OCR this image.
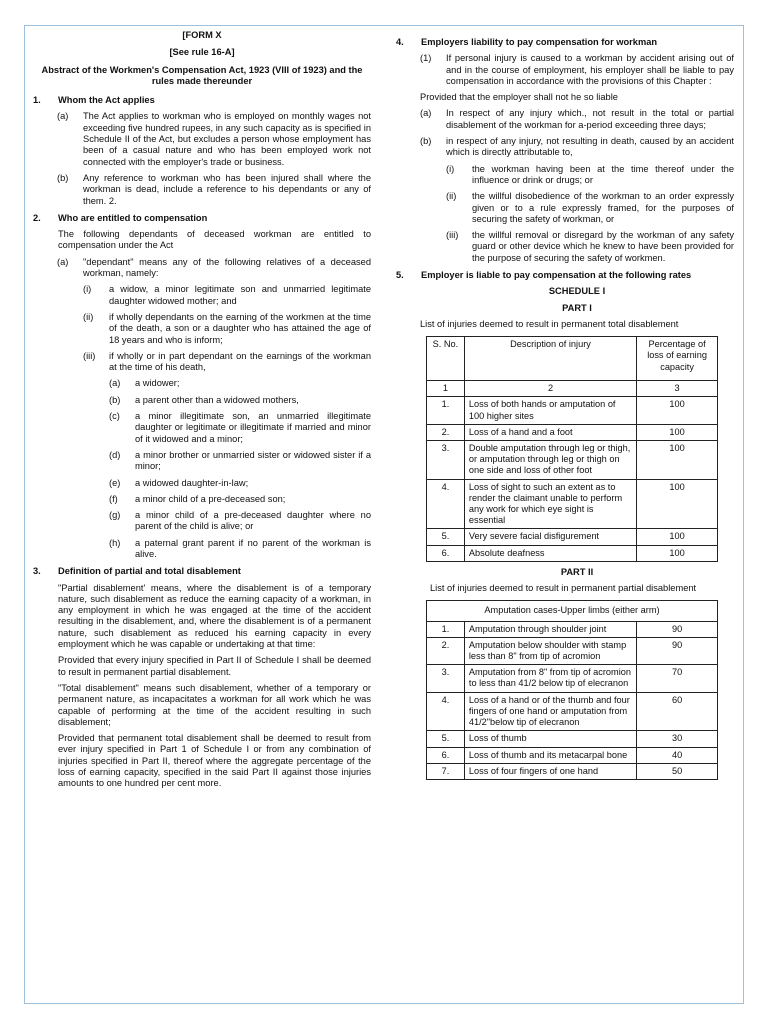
[FORM X
[See rule 16-A]
Abstract of the Workmen's Compensation Act, 1923 (VIII of 1923) and the rules made thereunder
1.	Whom the Act applies
(a)	The Act applies to workman who is employed on monthly wages not exceeding five hundred rupees, in any such capacity as is specified in Schedule II of the Act, but excludes a person whose employment has been of a casual nature and who has been employed work not connected with the employer's trade or business.
(b)	Any reference to workman who has been injured shall where the workman is dead, include a reference to his dependants or any of them. 2.
2.	Who are entitled to compensation
The following dependants of deceased workman are entitled to compensation under the Act
(a)	"dependant" means any of the following relatives of a deceased workman, namely:
(i)	a widow, a minor legitimate son and unmarried legitimate daughter widowed mother; and
(ii)	if wholly dependants on the earning of the workmen at the time of the death, a son or a daughter who has attained the age of 18 years and who is inform;
(iii)	if wholly or in part dependant on the earnings of the workman at the time of his death,
(a)	a widower;
(b)	a parent other than a widowed mothers,
(c)	a minor illegitimate son, an unmarried illegitimate daughter or legitimate or illegitimate if married and minor of it widowed and a minor;
(d)	a minor brother or unmarried sister or widowed sister if a minor;
(e)	a widowed daughter-in-law;
(f)	a minor child of a pre-deceased son;
(g)	a minor child of a pre-deceased daughter where no parent of the child is alive; or
(h)	a paternal grant parent if no parent of the workman is alive.
3.	Definition of partial and total disablement
"Partial disablement' means, where the disablement is of a temporary nature, such disablement as reduce the earning capacity of a workman, in any employment in which he was engaged at the time of the accident resulting in the disablement, and, where the disablement is of a permanent nature, such disablement as reduced his earning capacity in every employment which he was capable or undertaking at that time:
Provided that every injury specified in Part II of Schedule I shall be deemed to result in permanent partial disablement.
"Total disablement" means such disablement, whether of a temporary or permanent nature, as incapacitates a workman for all work which he was capable of performing at the time of the accident resulting in such disablement;
Provided that permanent total disablement shall be deemed to result from ever injury specified in Part 1 of Schedule I or from any combination of injuries specified in Part II, thereof where the aggregate percentage of the loss of earning capacity, specified in the said Part II against those injuries amounts to one hundred per cent more.
4.	Employers liability to pay compensation for workman
(1)	If personal injury is caused to a workman by accident arising out of and in the course of employment, his employer shall be liable to pay compensation in accordance with the provisions of this Chapter :
Provided that the employer shall not he so liable
(a)	In respect of any injury which., not result in the total or partial disablement of the workman for a-period exceeding three days;
(b)	in respect of any injury, not resulting in death, caused by an accident which is directly attributable to,
(i)	the workman having been at the time thereof under the influence or drink or drugs; or
(ii)	the willful disobedience of the workman to an order expressly given or to a rule expressly framed, for the purposes of securing the safety of workman, or
(iii)	the willful removal or disregard by the workman of any safety guard or other device which he knew to have been provided for the purpose of securing the safety of workmen.
5.	Employer is liable to pay compensation at the following rates
SCHEDULE I
PART I
List of injuries deemed to result in permanent total disablement
S. No.	Description of injury	Percentage of loss of earning capacity
1	2	3
1.	Loss of both hands or amputation of 100 higher sites	100
2.	Loss of a hand and a foot	100
3.	Double amputation through leg or thigh, or amputation through leg or thigh on one side and loss of other foot	100
4.	Loss of sight to such an extent as to render the claimant unable to perform any work for which eye sight is essential	100
5.	Very severe facial disfigurement	100
6.	Absolute deafness	100
PART II
List of injuries deemed to result in permanent partial disablement
Amputation cases-Upper limbs (either arm)		
1.	Amputation through shoulder joint	90
2.	Amputation below shoulder with stamp less than 8" from tip of acromion	90
3.	Amputation from 8" from tip of acromion to less than 41/2 below tip of elecranon	70
4.	Loss of a hand or of the thumb and four fingers of one hand or amputation from 41/2"below tip of elecranon	60
5.	Loss of thumb	30
6.	Loss of thumb and its metacarpal bone	40
7.	Loss of four fingers of one hand	50
